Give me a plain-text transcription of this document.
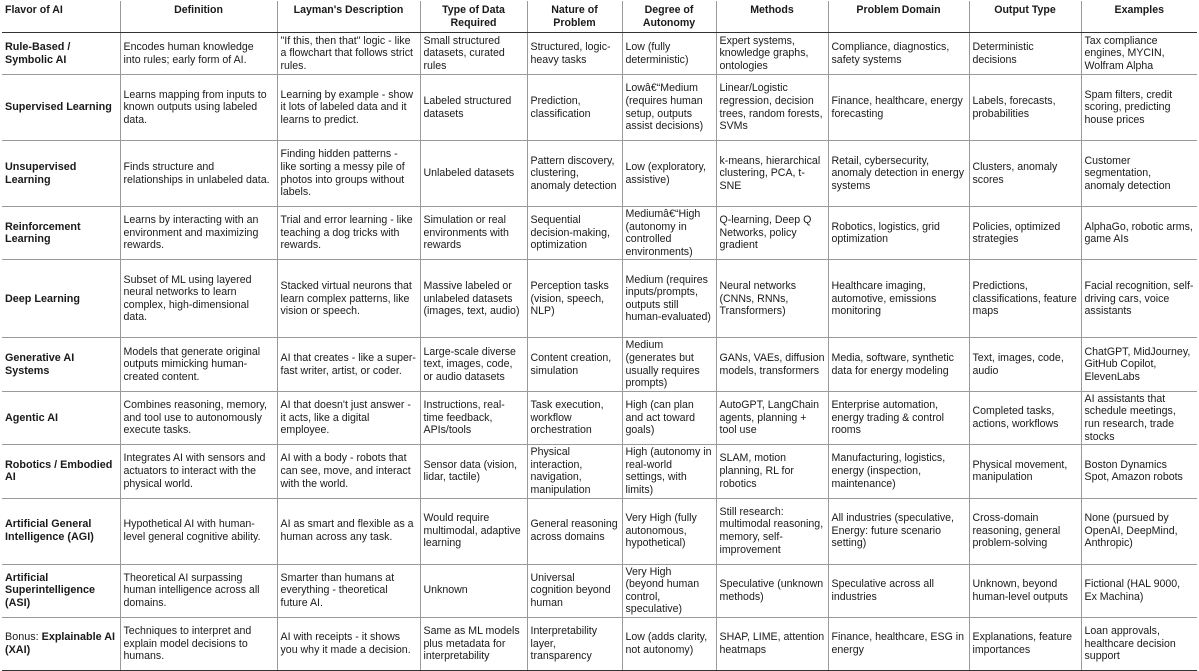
Flavor of AI	Definition	Layman's Description	Type of Data Required	Nature of Problem	Degree of Autonomy	Methods	Problem Domain	Output Type	Examples
Rule-Based / Symbolic AI	Encodes human knowledge into rules; early form of AI.	"If this, then that" logic - like a flowchart that follows strict rules.	Small structured datasets, curated rules	Structured, logic-heavy tasks	Low (fully deterministic)	Expert systems, knowledge graphs, ontologies	Compliance, diagnostics, safety systems	Deterministic decisions	Tax compliance engines, MYCIN, Wolfram Alpha
Supervised Learning	Learns mapping from inputs to known outputs using labeled data.	Learning by example - show it lots of labeled data and it learns to predict.	Labeled structured datasets	Prediction, classification	Lowâ€“Medium (requires human setup, outputs assist decisions)	Linear/Logistic regression, decision trees, random forests, SVMs	Finance, healthcare, energy forecasting	Labels, forecasts, probabilities	Spam filters, credit scoring, predicting house prices
Unsupervised Learning	Finds structure and relationships in unlabeled data.	Finding hidden patterns - like sorting a messy pile of photos into groups without labels.	Unlabeled datasets	Pattern discovery, clustering, anomaly detection	Low (exploratory, assistive)	k-means, hierarchical clustering, PCA, t-SNE	Retail, cybersecurity, anomaly detection in energy systems	Clusters, anomaly scores	Customer segmentation, anomaly detection
Reinforcement Learning	Learns by interacting with an environment and maximizing rewards.	Trial and error learning - like teaching a dog tricks with rewards.	Simulation or real environments with rewards	Sequential decision-making, optimization	Mediumâ€“High (autonomy in controlled environments)	Q-learning, Deep Q Networks, policy gradient	Robotics, logistics, grid optimization	Policies, optimized strategies	AlphaGo, robotic arms, game AIs
Deep Learning	Subset of ML using layered neural networks to learn complex, high-dimensional data.	Stacked virtual neurons that learn complex patterns, like vision or speech.	Massive labeled or unlabeled datasets (images, text, audio)	Perception tasks (vision, speech, NLP)	Medium (requires inputs/prompts, outputs still human-evaluated)	Neural networks (CNNs, RNNs, Transformers)	Healthcare imaging, automotive, emissions monitoring	Predictions, classifications, feature maps	Facial recognition, self-driving cars, voice assistants
Generative AI Systems	Models that generate original outputs mimicking human-created content.	AI that creates - like a super-fast writer, artist, or coder.	Large-scale diverse text, images, code, or audio datasets	Content creation, simulation	Medium (generates but usually requires prompts)	GANs, VAEs, diffusion models, transformers	Media, software, synthetic data for energy modeling	Text, images, code, audio	ChatGPT, MidJourney, GitHub Copilot, ElevenLabs
Agentic AI	Combines reasoning, memory, and tool use to autonomously execute tasks.	AI that doesn't just answer - it acts, like a digital employee.	Instructions, real-time feedback, APIs/tools	Task execution, workflow orchestration	High (can plan and act toward goals)	AutoGPT, LangChain agents, planning + tool use	Enterprise automation, energy trading & control rooms	Completed tasks, actions, workflows	AI assistants that schedule meetings, run research, trade stocks
Robotics / Embodied AI	Integrates AI with sensors and actuators to interact with the physical world.	AI with a body - robots that can see, move, and interact with the world.	Sensor data (vision, lidar, tactile)	Physical interaction, navigation, manipulation	High (autonomy in real-world settings, with limits)	SLAM, motion planning, RL for robotics	Manufacturing, logistics, energy (inspection, maintenance)	Physical movement, manipulation	Boston Dynamics Spot, Amazon robots
Artificial General Intelligence (AGI)	Hypothetical AI with human-level general cognitive ability.	AI as smart and flexible as a human across any task.	Would require multimodal, adaptive learning	General reasoning across domains	Very High (fully autonomous, hypothetical)	Still research: multimodal reasoning, memory, self-improvement	All industries (speculative, Energy: future scenario setting)	Cross-domain reasoning, general problem-solving	None (pursued by OpenAI, DeepMind, Anthropic)
Artificial Superintelligence (ASI)	Theoretical AI surpassing human intelligence across all domains.	Smarter than humans at everything - theoretical future AI.	Unknown	Universal cognition beyond human	Very High (beyond human control, speculative)	Speculative (unknown methods)	Speculative across all industries	Unknown, beyond human-level outputs	Fictional (HAL 9000, Ex Machina)
Bonus: Explainable AI (XAI)	Techniques to interpret and explain model decisions to humans.	AI with receipts - it shows you why it made a decision.	Same as ML models plus metadata for interpretability	Interpretability layer, transparency	Low (adds clarity, not autonomy)	SHAP, LIME, attention heatmaps	Finance, healthcare, ESG in energy	Explanations, feature importances	Loan approvals, healthcare decision support
